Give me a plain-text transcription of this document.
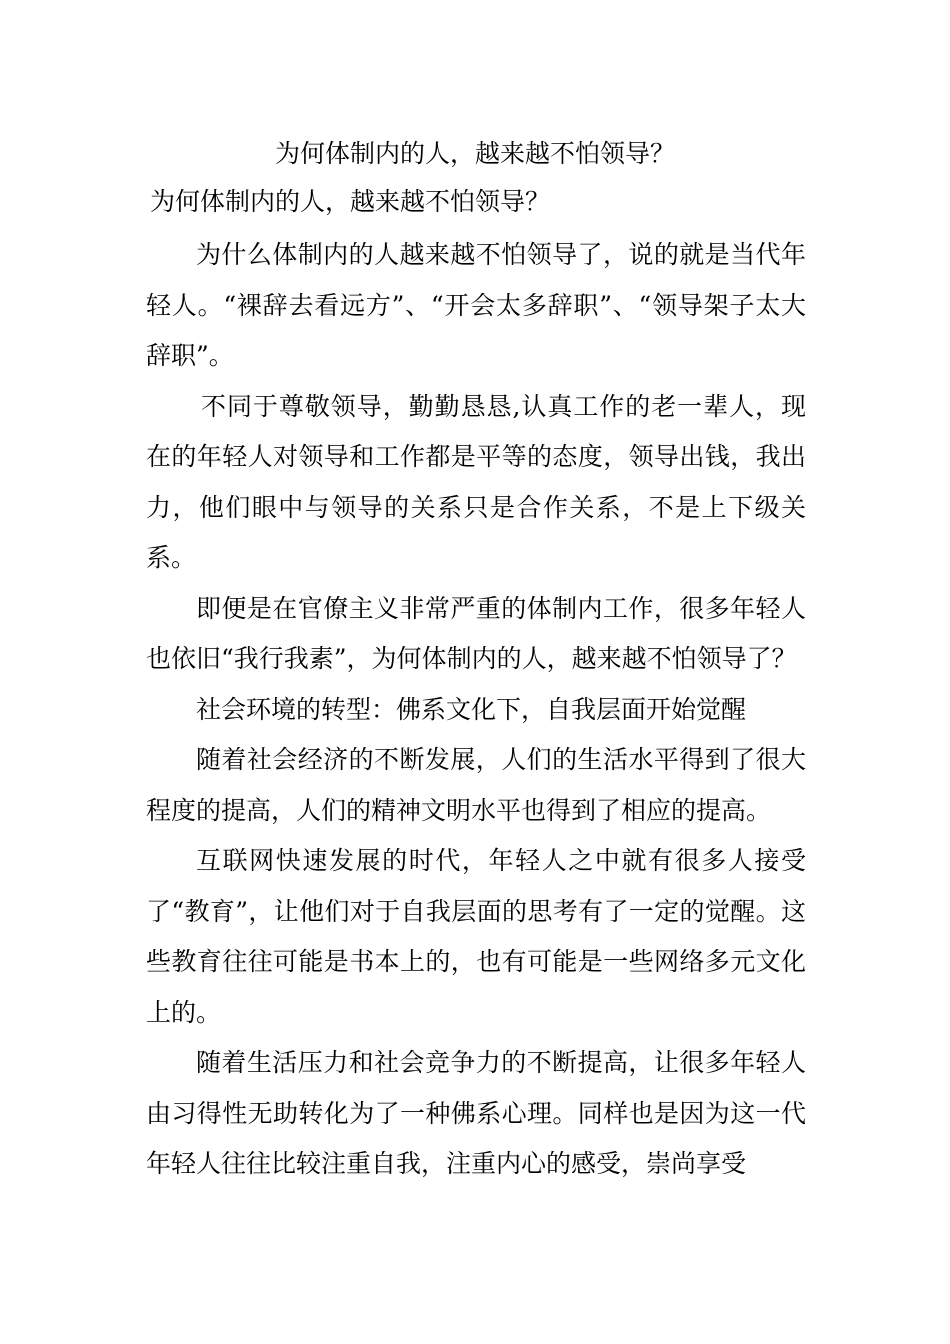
为何体制内的人，越来越不怕领导？
为何体制内的人，越来越不怕领导？

为什么体制内的人越来越不怕领导了，说的就是当代年轻人。“裸辞去看远方”、“开会太多辞职”、“领导架子太大辞职”。

不同于尊敬领导，勤勤恳恳,认真工作的老一辈人，现在的年轻人对领导和工作都是平等的态度，领导出钱，我出力，他们眼中与领导的关系只是合作关系，不是上下级关系。

即便是在官僚主义非常严重的体制内工作，很多年轻人也依旧“我行我素”，为何体制内的人，越来越不怕领导了？

社会环境的转型：佛系文化下，自我层面开始觉醒

随着社会经济的不断发展，人们的生活水平得到了很大程度的提高，人们的精神文明水平也得到了相应的提高。

互联网快速发展的时代，年轻人之中就有很多人接受了“教育”，让他们对于自我层面的思考有了一定的觉醒。这些教育往往可能是书本上的，也有可能是一些网络多元文化上的。

随着生活压力和社会竞争力的不断提高，让很多年轻人由习得性无助转化为了一种佛系心理。同样也是因为这一代年轻人往往比较注重自我，注重内心的感受，崇尚享受
